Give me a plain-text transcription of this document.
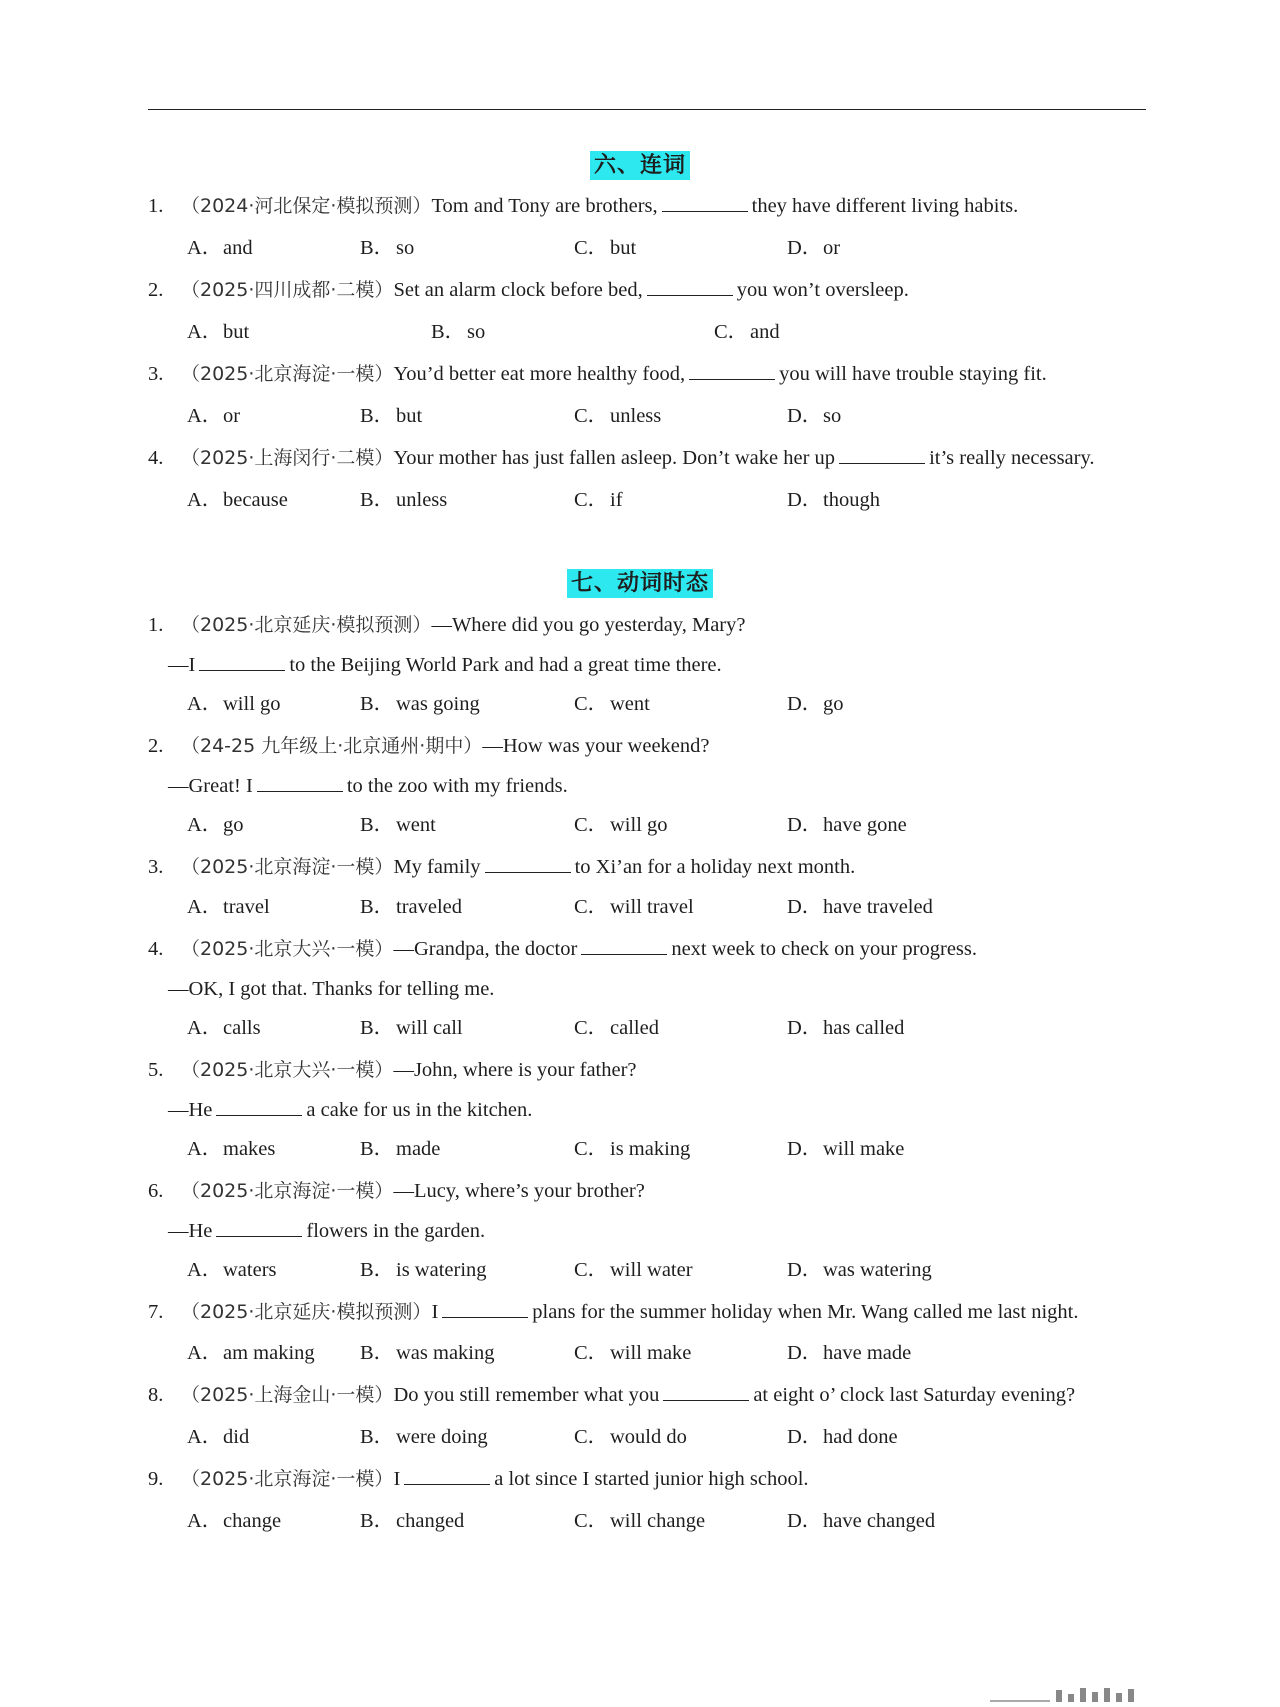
六、连词
1. （2024·河北保定·模拟预测）Tom and Tony are brothers,	they have different living habits.
A．and	B．so	C．but	D．or
2. （2025·四川成都·二模）Set an alarm clock before bed,	you won’t oversleep.
A．but	B．so	C．and
3. （2025·北京海淀·一模）You’d better eat more healthy food,	you will have trouble staying fit.
A．or	B．but	C．unless	D．so
4. （2025·上海闵行·二模）Your mother has just fallen asleep. Don’t wake her up	it’s really necessary.
A．because	B．unless	C．if	D．though
七、动词时态
1. （2025·北京延庆·模拟预测）—Where did you go yesterday, Mary?
—I	to the Beijing World Park and had a great time there.
A．will go	B．was going	C．went	D．go
2. （24-25 九年级上·北京通州·期中）—How was your weekend?
—Great! I	to the zoo with my friends.
A．go	B．went	C．will go	D．have gone
3. （2025·北京海淀·一模）My family	to Xi’an for a holiday next month.
A．travel	B．traveled	C．will travel	D．have traveled
4. （2025·北京大兴·一模）—Grandpa, the doctor	next week to check on your progress.
—OK, I got that. Thanks for telling me.
A．calls	B．will call	C．called	D．has called
5. （2025·北京大兴·一模）—John, where is your father?
—He	a cake for us in the kitchen.
A．makes	B．made	C．is making	D．will make
6. （2025·北京海淀·一模）—Lucy, where’s your brother?
—He	flowers in the garden.
A．waters	B．is watering	C．will water	D．was watering
7. （2025·北京延庆·模拟预测）I	plans for the summer holiday when Mr. Wang called me last night.
A．am making B．was making	C．will make	D．have made
8. （2025·上海金山·一模）Do you still remember what you	at eight o’ clock last Saturday evening?
A．did	B．were doing	C．would do	D．had done
9. （2025·北京海淀·一模）I	a lot since I started junior high school.
A．change	B．changed	C．will change	D．have changed
